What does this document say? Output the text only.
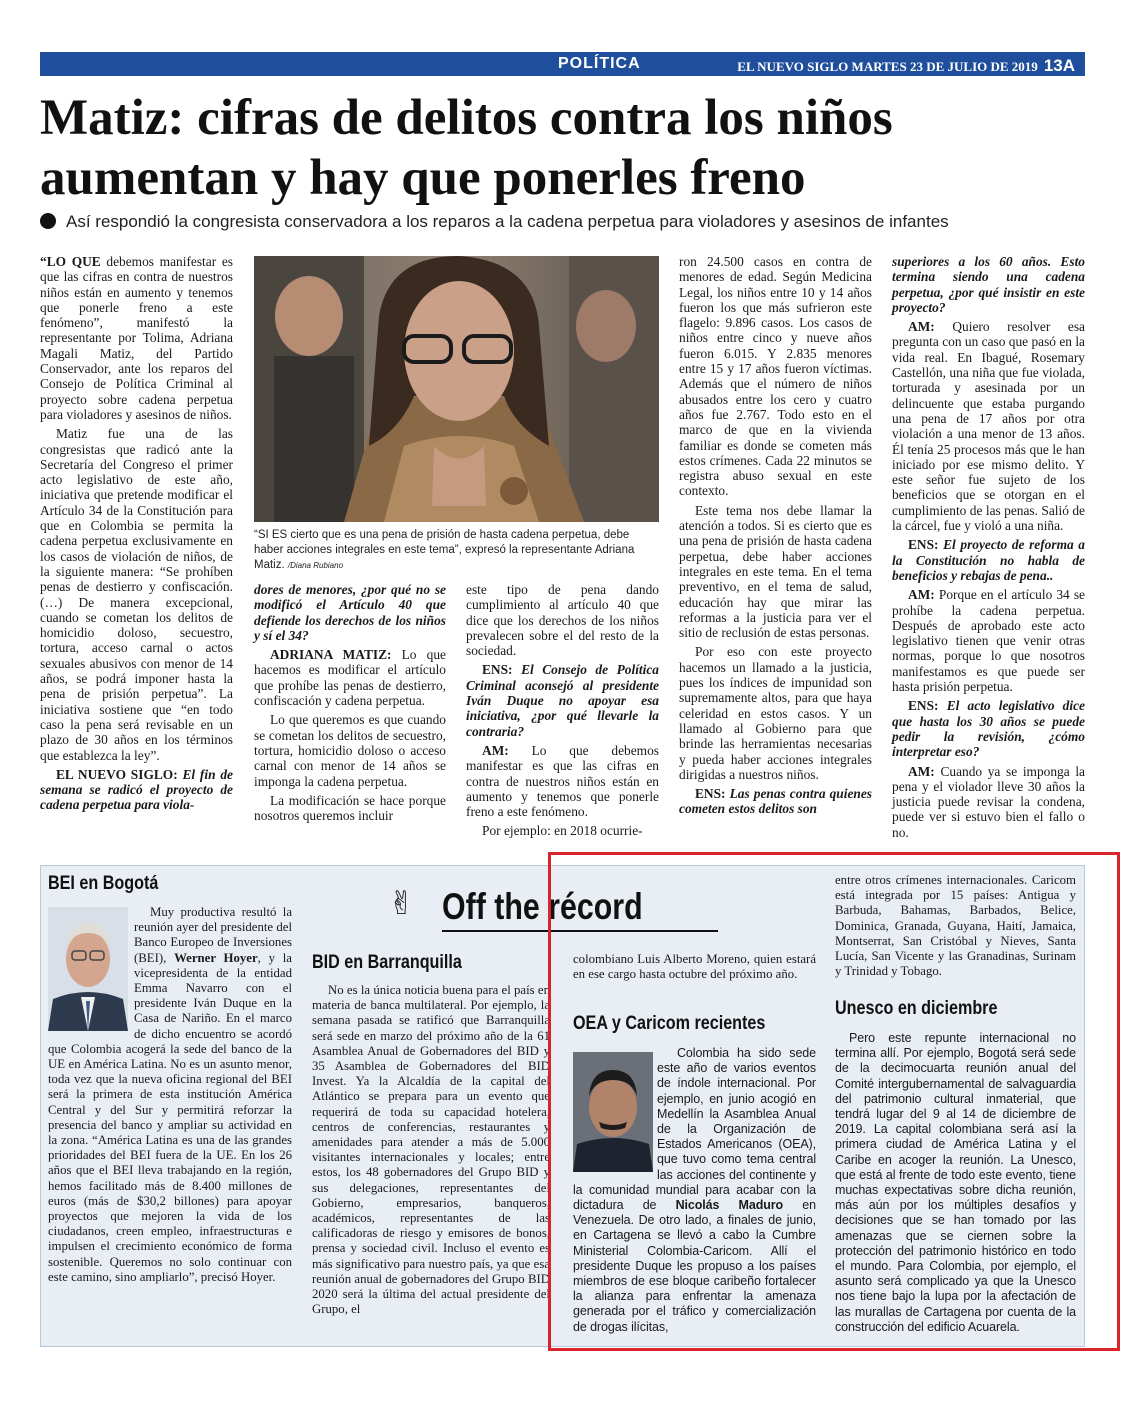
POLÍTICA	EL NUEVO SIGLO MARTES 23 DE JULIO DE 2019 13A
Matiz: cifras de delitos contra los niños aumentan y hay que ponerles freno
Así respondió la congresista conservadora a los reparos a la cadena perpetua para violadores y asesinos de infantes

“LO QUE debemos manifestar es que las cifras en contra de nuestros niños están en aumento y tenemos que ponerle freno a este fenómeno”, manifestó la representante por Tolima, Adriana Magali Matiz, del Partido Conservador, ante los reparos del Consejo de Política Criminal al proyecto sobre cadena perpetua para violadores y asesinos de niños.

Matiz fue una de las congresistas que radicó ante la Secretaría del Congreso el primer acto legislativo de este año, iniciativa que pretende modificar el Artículo 34 de la Constitución para que en Colombia se permita la cadena perpetua exclusivamente en los casos de violación de niños, de la siguiente manera: “Se prohíben penas de destierro y confiscación. (…) De manera excepcional, cuando se cometan los delitos de homicidio doloso, secuestro, tortura, acceso carnal o actos sexuales abusivos con menor de 14 años, se podrá imponer hasta la pena de prisión perpetua”. La iniciativa sostiene que “en todo caso la pena será revisable en un plazo de 30 años en los términos que establezca la ley”.

EL NUEVO SIGLO: El fin de semana se radicó el proyecto de cadena perpetua para viola-

“SI ES cierto que es una pena de prisión de hasta cadena perpetua, debe haber acciones integrales en este tema”, expresó la representante Adriana Matiz. /Diana Rubiano

dores de menores, ¿por qué no se modificó el Artículo 40 que defiende los derechos de los niños y sí el 34?

ADRIANA MATIZ: Lo que hacemos es modificar el artículo que prohíbe las penas de destierro, confiscación y cadena perpetua.

Lo que queremos es que cuando se cometan los delitos de secuestro, tortura, homicidio doloso o acceso carnal con menor de 14 años se imponga la cadena perpetua.

La modificación se hace porque nosotros queremos incluir

este tipo de pena dando cumplimiento al artículo 40 que dice que los derechos de los niños prevalecen sobre el del resto de la sociedad.

ENS: El Consejo de Política Criminal aconsejó al presidente Iván Duque no apoyar esa iniciativa, ¿por qué llevarle la contraria?

AM: Lo que debemos manifestar es que las cifras en contra de nuestros niños están en aumento y tenemos que ponerle freno a este fenómeno.

Por ejemplo: en 2018 ocurrie-

ron 24.500 casos en contra de menores de edad. Según Medicina Legal, los niños entre 10 y 14 años fueron los que más sufrieron este flagelo: 9.896 casos. Los casos de niños entre cinco y nueve años fueron 6.015. Y 2.835 menores entre 15 y 17 años fueron víctimas. Además que el número de niños abusados entre los cero y cuatro años fue 2.767. Todo esto en el marco de que en la vivienda familiar es donde se cometen más estos crímenes. Cada 22 minutos se registra abuso sexual en este contexto.

Este tema nos debe llamar la atención a todos. Si es cierto que es una pena de prisión de hasta cadena perpetua, debe haber acciones integrales en este tema. En el tema preventivo, en el tema de salud, educación hay que mirar las reformas a la justicia para ver el sitio de reclusión de estas personas.

Por eso con este proyecto hacemos un llamado a la justicia, pues los índices de impunidad son supremamente altos, para que haya celeridad en estos casos. Y un llamado al Gobierno para que brinde las herramientas necesarias y pueda haber acciones integrales dirigidas a nuestros niños.

ENS: Las penas contra quienes cometen estos delitos son

superiores a los 60 años. Esto termina siendo una cadena perpetua, ¿por qué insistir en este proyecto?

AM: Quiero resolver esa pregunta con un caso que pasó en la vida real. En Ibagué, Rosemary Castellón, una niña que fue violada, torturada y asesinada por un delincuente que estaba purgando una pena de 17 años por otra violación a una menor de 13 años. Él tenía 25 procesos más que le han iniciado por ese mismo delito. Y este señor fue sujeto de los beneficios que se otorgan en el cumplimiento de las penas. Salió de la cárcel, fue y violó a una niña.

ENS: El proyecto de reforma a la Constitución no habla de beneficios y rebajas de pena..

AM: Porque en el artículo 34 se prohíbe la cadena perpetua. Después de aprobado este acto legislativo tienen que venir otras normas, porque lo que nosotros manifestamos es que puede ser hasta prisión perpetua.

ENS: El acto legislativo dice que hasta los 30 años se puede pedir la revisión, ¿cómo interpretar eso?

AM: Cuando ya se imponga la pena y el violador lleve 30 años la justicia puede revisar la condena, puede ver si estuvo bien el fallo o no.

BEI en Bogotá

Muy productiva resultó la reunión ayer del presidente del Banco Europeo de Inversiones (BEI), Werner Hoyer, y la vicepresidenta de la entidad Emma Navarro con el presidente Iván Duque en la Casa de Nariño. En el marco de dicho encuentro se acordó que Colombia acogerá la sede del banco de la UE en América Latina. No es un asunto menor, toda vez que la nueva oficina regional del BEI será la primera de esta institución América Central y del Sur y permitirá reforzar la presencia del banco y ampliar su actividad en la zona. “América Latina es una de las grandes prioridades del BEI fuera de la UE. En los 26 años que el BEI lleva trabajando en la región, hemos facilitado más de 8.400 millones de euros (más de $30,2 billones) para apoyar proyectos que mejoren la vida de los ciudadanos, creen empleo, infraestructuras e impulsen el crecimiento económico de forma sostenible. Queremos no solo continuar con este camino, sino ampliarlo”, precisó Hoyer.

✌ Off the récord
BID en Barranquilla

No es la única noticia buena para el país en materia de banca multilateral. Por ejemplo, la semana pasada se ratificó que Barranquilla será sede en marzo del próximo año de la 61 Asamblea Anual de Gobernadores del BID y 35 Asamblea de Gobernadores del BID Invest. Ya la Alcaldía de la capital del Atlántico se prepara para un evento que requerirá de toda su capacidad hotelera, centros de conferencias, restaurantes y amenidades para atender a más de 5.000 visitantes internacionales y locales; entre estos, los 48 gobernadores del Grupo BID y sus delegaciones, representantes del Gobierno, empresarios, banqueros, académicos, representantes de las calificadoras de riesgo y emisores de bonos, prensa y sociedad civil. Incluso el evento es más significativo para nuestro país, ya que esa reunión anual de gobernadores del Grupo BID 2020 será la última del actual presidente del Grupo, el

colombiano Luis Alberto Moreno, quien estará en ese cargo hasta octubre del próximo año.

OEA y Caricom recientes

Colombia ha sido sede este año de varios eventos de índole internacional. Por ejemplo, en junio acogió en Medellín la Asamblea Anual de la Organización de Estados Americanos (OEA), que tuvo como tema central las acciones del continente y la comunidad mundial para acabar con la dictadura de Nicolás Maduro en Venezuela. De otro lado, a finales de junio, en Cartagena se llevó a cabo la Cumbre Ministerial Colombia-Caricom. Allí el presidente Duque les propuso a los países miembros de ese bloque caribeño fortalecer la alianza para enfrentar la amenaza generada por el tráfico y comercialización de drogas ilícitas,

entre otros crímenes internacionales. Caricom está integrada por 15 países: Antigua y Barbuda, Bahamas, Barbados, Belice, Dominica, Granada, Guyana, Haití, Jamaica, Montserrat, San Cristóbal y Nieves, Santa Lucía, San Vicente y las Granadinas, Surinam y Trinidad y Tobago.

Unesco en diciembre

Pero este repunte internacional no termina allí. Por ejemplo, Bogotá será sede de la decimocuarta reunión anual del Comité intergubernamental de salvaguardia del patrimonio cultural inmaterial, que tendrá lugar del 9 al 14 de diciembre de 2019. La capital colombiana será así la primera ciudad de América Latina y el Caribe en acoger la reunión. La Unesco, que está al frente de todo este evento, tiene muchas expectativas sobre dicha reunión, más aún por los múltiples desafíos y decisiones que se han tomado por las amenazas que se ciernen sobre la protección del patrimonio histórico en todo el mundo. Para Colombia, por ejemplo, el asunto será complicado ya que la Unesco nos tiene bajo la lupa por la afectación de las murallas de Cartagena por cuenta de la construcción del edificio Acuarela.
